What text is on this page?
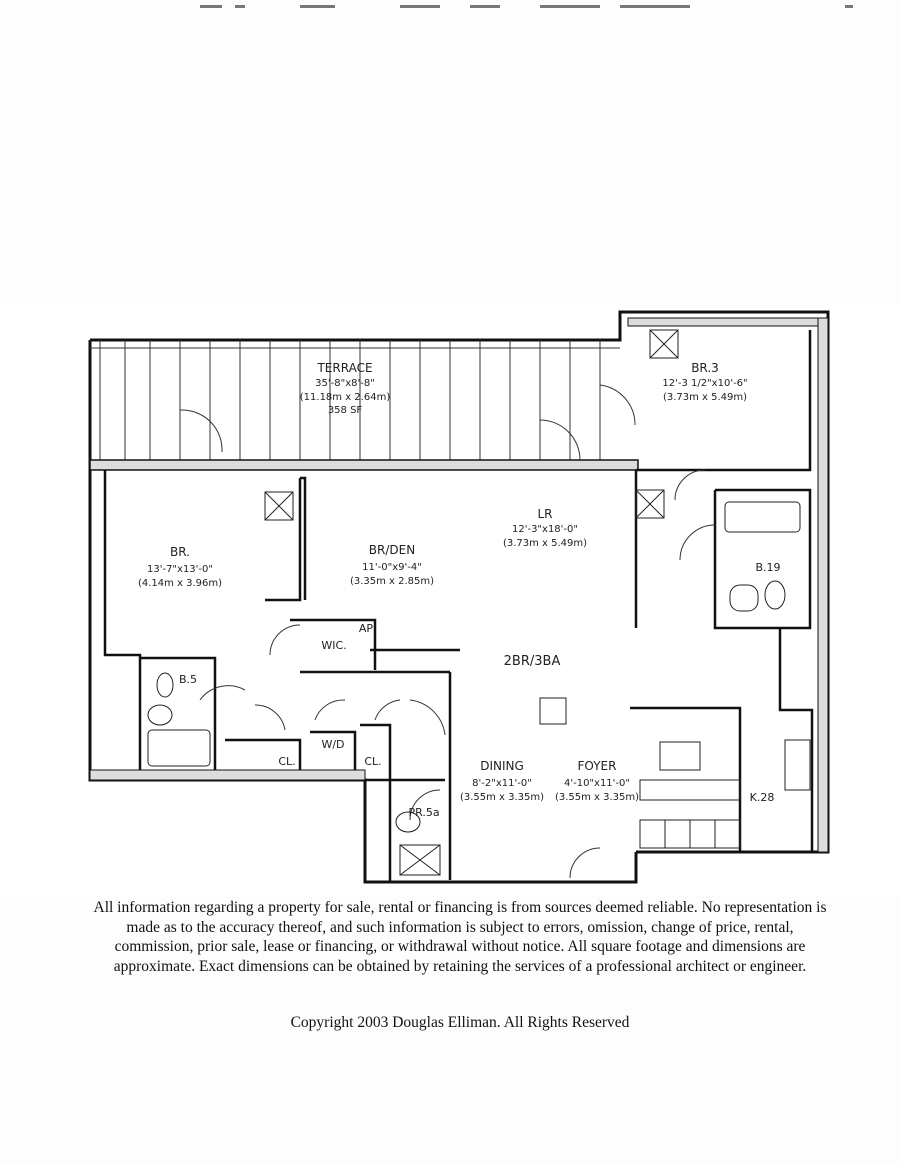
TERRACE
35'-8"x8'-8"
(11.18m x 2.64m)
358 SF
BR.3
12'-3 1/2"x10'-6"
(3.73m x 5.49m)
LR
12'-3"x18'-0"
(3.73m x 5.49m)
BR.
13'-7"x13'-0"
(4.14m x 3.96m)
BR/DEN
11'-0"x9'-4"
(3.35m x 2.85m)
2BR/3BA
DINING
8'-2"x11'-0"
(3.55m x 3.35m)
FOYER
4'-10"x11'-0"
(3.55m x 3.35m)
WIC.
AP
W/D
CL.	CL.
B.19
B.5
PR.5a
K.28

All information regarding a property for sale, rental or financing is from sources deemed reliable. No representation is made as to the accuracy thereof, and such information is subject to errors, omission, change of price, rental, commission, prior sale, lease or financing, or withdrawal without notice. All square footage and dimensions are approximate. Exact dimensions can be obtained by retaining the services of a professional architect or engineer.

Copyright 2003 Douglas Elliman. All Rights Reserved
